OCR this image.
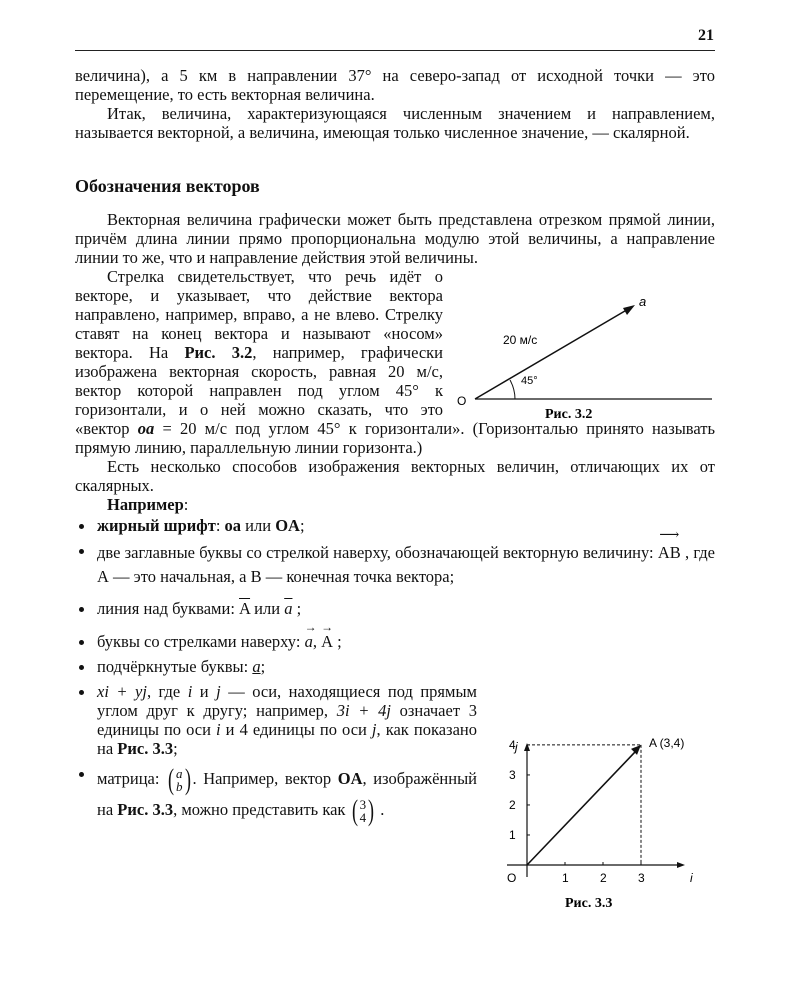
21

величина), а 5 км в направлении 37° на северо-запад от исходной точки — это перемещение, то есть векторная величина.

Итак, величина, характеризующаяся численным значением и направлением, называется векторной, а величина, имеющая только численное значение, — скалярной.

Обозначения векторов

Векторная величина графически может быть представлена отрезком прямой линии, причём длина линии прямо пропорциональна модулю этой величины, а направление линии то же, что и направление действия этой величины.

Стрелка свидетельствует, что речь идёт о векторе, и указывает, что действие вектора направлено, например, вправо, а не влево. Стрелку ставят на конец вектора и называют «носом» вектора. На Рис. 3.2, например, графически изображена векторная скорость, равная 20 м/с, вектор которой направлен под углом 45° к горизонтали, и о ней можно сказать, что это «вектор oa = 20 м/с под углом 45° к горизонтали». (Горизонталью принято называть прямую линию, параллельную линии горизонта.)

Есть несколько способов изображения векторных величин, отличающих их от скалярных.

Например:

жирный шрифт: oa или OA;
две заглавные буквы со стрелкой наверху, обозначающей векторную величину:
⟶
AB , где А — это начальная, а В — конечная точка вектора;
линия над буквами: $\overline{A}$ или $\overline{a}$ ;
буквы со стрелками наверху:
→
a,
→
A ;
подчёркнутые буквы: a;
xi + yj, где i и j — оси, находящиеся под прямым углом друг к другу; например, 3i + 4j означает 3 единицы по оси i и 4 единицы по оси j, как показано на Рис. 3.3;
матрица: ( a
b ) . Например, вектор OA, изображённый на Рис. 3.3, можно представить как ( 3
4 ) .
O
a
20 м/с
45°
Рис. 3.2
1	2	3
1
2
3
4	A (3,4)
O	i
j
Рис. 3.3
